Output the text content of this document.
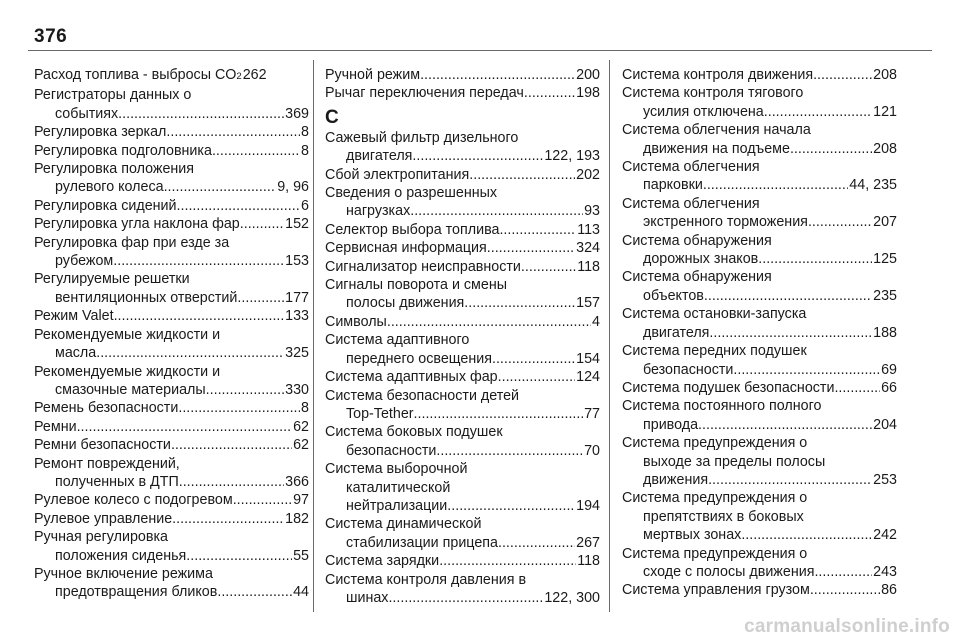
376
Расход топлива - выбросы CO 2 262
Регистраторы данных о
событиях .....	369
Регулировка зеркал .....	8
Регулировка подголовника .....	8
Регулировка положения
рулевого колеса .....	9, 96
Регулировка сидений .....	6
Регулировка угла наклона фар .....	152
Регулировка фар при езде за
рубежом .....	153
Регулируемые решетки
вентиляционных отверстий .....	177
Режим Valet .....	133
Рекомендуемые жидкости и
масла .....	325
Рекомендуемые жидкости и
смазочные материалы .....	330
Ремень безопасности .....	8
Ремни .....	62
Ремни безопасности .....	62
Ремонт повреждений,
полученных в ДТП .....	366
Рулевое колесо с подогревом .....	97
Рулевое управление .....	182
Ручная регулировка
положения сиденья .....	55
Ручное включение режима
предотвращения бликов .....	44
Ручной режим .....	200
Рычаг переключения передач .....	198
С
Сажевый фильтр дизельного
двигателя .....	122, 193
Сбой электропитания .....	202
Сведения о разрешенных
нагрузках .....	93
Селектор выбора топлива .....	113
Сервисная информация .....	324
Сигнализатор неисправности .....	118
Сигналы поворота и смены
полосы движения .....	157
Символы .....	4
Система адаптивного
переднего освещения .....	154
Система адаптивных фар .....	124
Система безопасности детей
Top-Tether .....	77
Система боковых подушек
безопасности .....	70
Система выборочной
каталитической
нейтрализации .....	194
Система динамической
стабилизации прицепа .....	267
Система зарядки .....	118
Система контроля давления в
шинах .....	122, 300
Система контроля движения .....	208
Система контроля тягового
усилия отключена .....	121
Система облегчения начала
движения на подъеме .....	208
Система облегчения
парковки .....	44, 235
Система облегчения
экстренного торможения .....	207
Система обнаружения
дорожных знаков .....	125
Система обнаружения
объектов .....	235
Система остановки-запуска
двигателя .....	188
Система передних подушек
безопасности .....	69
Система подушек безопасности .....	66
Система постоянного полного
привода .....	204
Система предупреждения о
выходе за пределы полосы
движения .....	253
Система предупреждения о
препятствиях в боковых
мертвых зонах .....	242
Система предупреждения о
сходе с полосы движения .....	243
Система управления грузом .....	86
carmanualsonline.info
